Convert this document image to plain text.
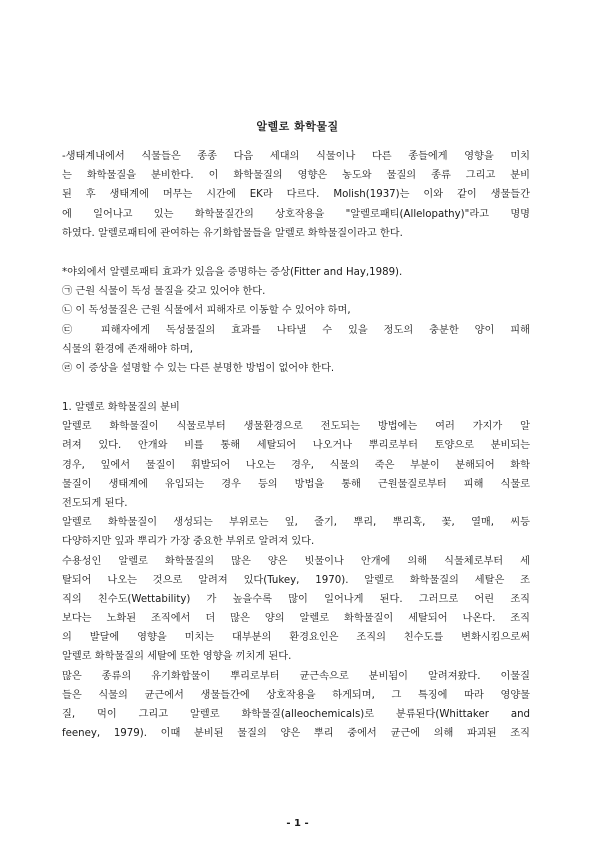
알렐로 화학물질
-생태계내에서 식물들은 종종 다음 세대의 식물이나 다른 종들에게 영향을 미치
는 화학물질을 분비한다. 이 화학물질의 영향은 농도와 물질의 종류 그리고 분비
된 후 생태계에 머무는 시간에 EK라 다르다. Molish(1937)는 이와 같이 생물들간
에 일어나고 있는 화학물질간의 상호작용을 "알렐로패티(Allelopathy)"라고 명명
하였다. 알렐로패티에 관여하는 유기화합물들을 알렐로 화학물질이라고 한다.
*야외에서 알렐로패티 효과가 있음을 증명하는 증상(Fitter and Hay,1989).
㉠ 근원 식물이 독성 물질을 갖고 있어야 한다.
㉡ 이 독성물질은 근원 식물에서 피해자로 이동할 수 있어야 하며,
㉢ 피해자에게 독성물질의 효과를 나타낼 수 있을 정도의 충분한 양이 피해
식물의 환경에 존재해야 하며,
㉣ 이 증상을 설명할 수 있는 다른 분명한 방법이 없어야 한다.
1. 알렐로 화학물질의 분비
알렐로 화학물질이 식물로부터 생물환경으로 전도되는 방법에는 여러 가지가 알
려져 있다. 안개와 비를 통해 세탈되어 나오거나 뿌리로부터 토양으로 분비되는
경우, 잎에서 물질이 휘발되어 나오는 경우, 식물의 죽은 부분이 분해되어 화학
물질이 생태계에 유입되는 경우 등의 방법을 통해 근원물질로부터 피해 식물로
전도되게 된다.
알렐로 화학물질이 생성되는 부위로는 잎, 줄기, 뿌리, 뿌리혹, 꽃, 열매, 씨등
다양하지만 잎과 뿌리가 가장 중요한 부위로 알려져 있다.
수용성인 알렐로 화학물질의 많은 양은 빗물이나 안개에 의해 식물체로부터 세
탈되어 나오는 것으로 알려져 있다(Tukey, 1970). 알렐로 화학물질의 세탈은 조
직의 친수도(Wettability) 가 높을수록 많이 일어나게 된다. 그러므로 어린 조직
보다는 노화된 조직에서 더 많은 양의 알렐로 화학물질이 세탈되어 나온다. 조직
의 발달에 영향을 미치는 대부분의 환경요인은 조직의 친수도를 변화시킴으로써
알렐로 화학물질의 세탈에 또한 영향을 끼치게 된다.
많은 종류의 유기화합물이 뿌리로부터 균근속으로 분비됨이 알려져왔다. 이물질
들은 식물의 균근에서 생물들간에 상호작용을 하게되며, 그 특징에 따라 영양물
질, 먹이 그리고 알렐로 화학물질(alleochemicals)로 분류된다(Whittaker and
feeney, 1979). 이때 분비된 물질의 양은 뿌리 중에서 균근에 의해 파괴된 조직
- 1 -
